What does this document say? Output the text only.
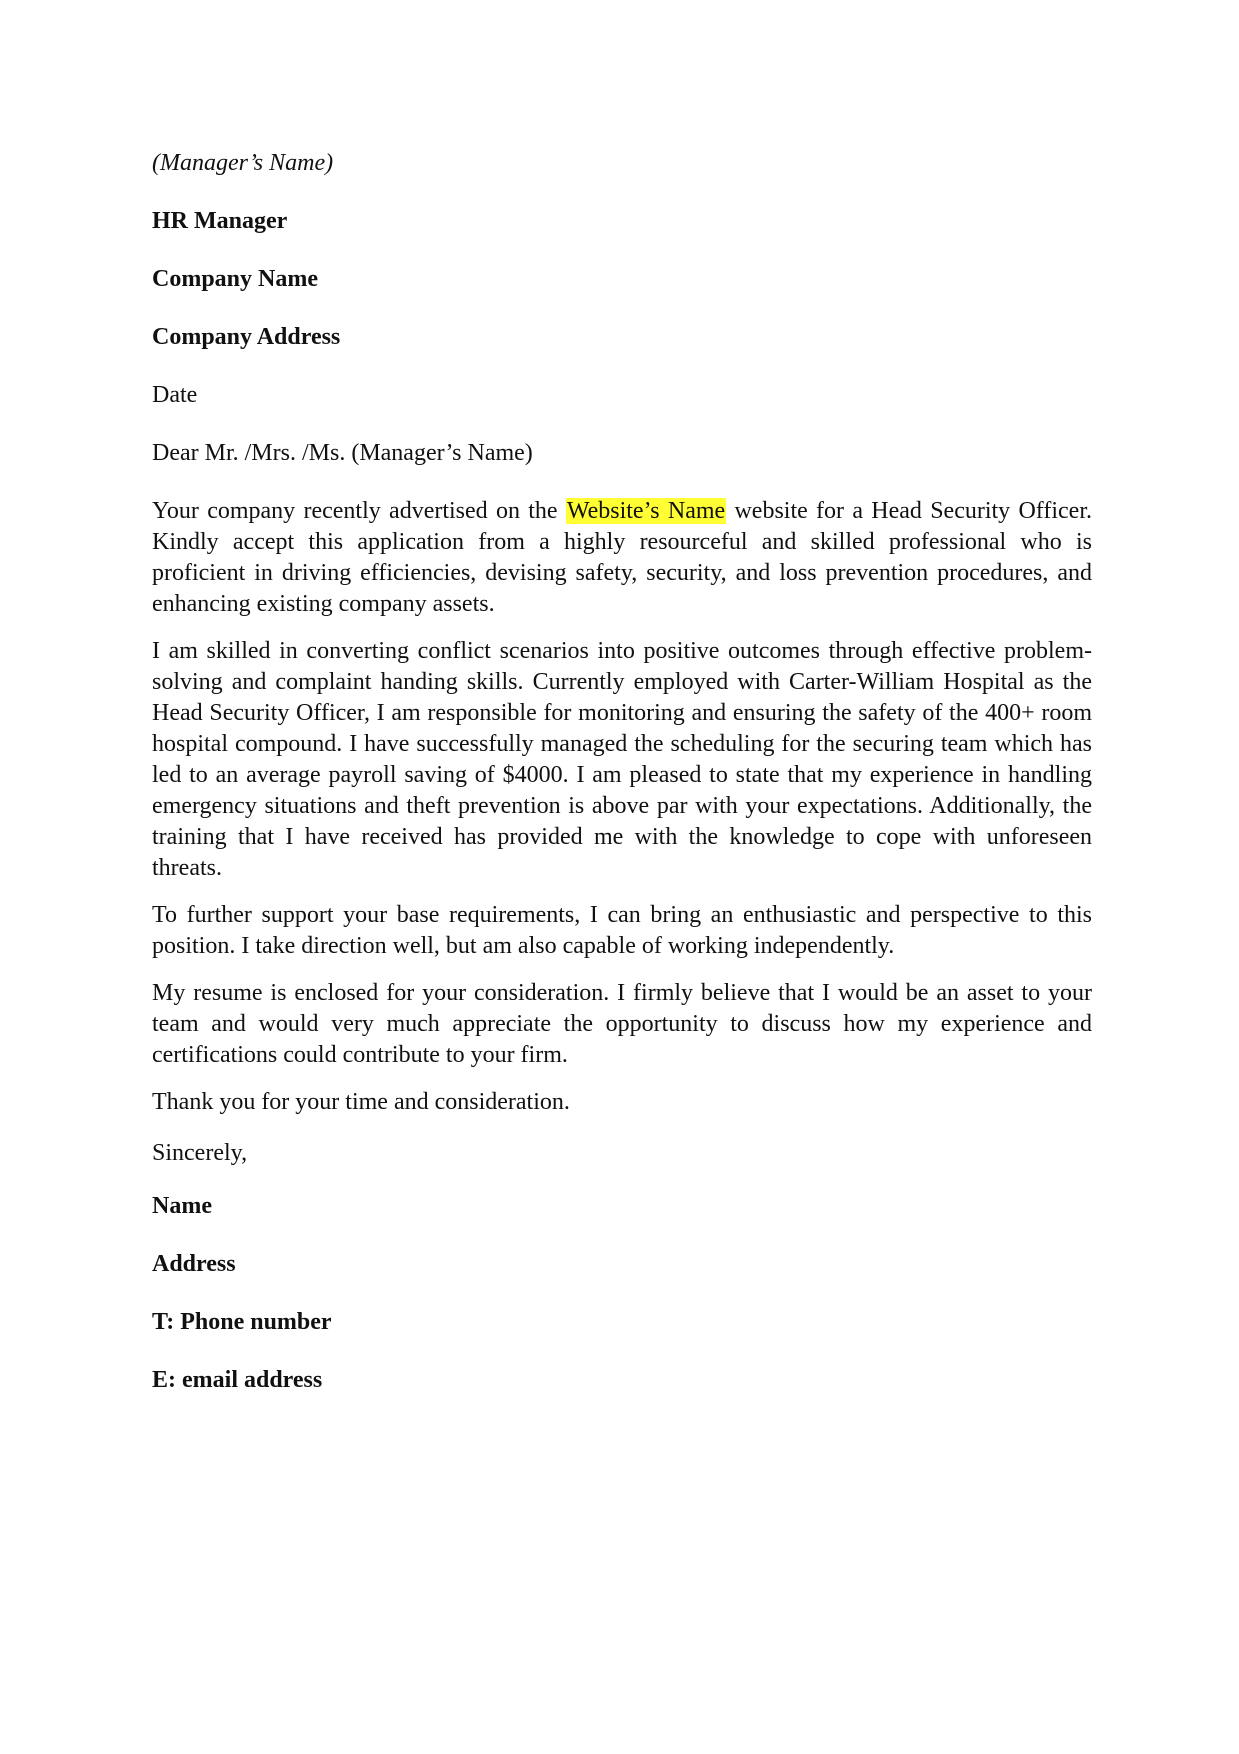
(Manager’s Name)
HR Manager
Company Name
Company Address
Date
Dear Mr. /Mrs. /Ms. (Manager’s Name)

Your company recently advertised on the Website’s Name website for a Head Security Officer. Kindly accept this application from a highly resourceful and skilled professional who is proficient in driving efficiencies, devising safety, security, and loss prevention procedures, and enhancing existing company assets.

I am skilled in converting conflict scenarios into positive outcomes through effective problem-solving and complaint handing skills. Currently employed with Carter-William Hospital as the Head Security Officer, I am responsible for monitoring and ensuring the safety of the 400+ room hospital compound. I have successfully managed the scheduling for the securing team which has led to an average payroll saving of $4000. I am pleased to state that my experience in handling emergency situations and theft prevention is above par with your expectations. Additionally, the training that I have received has provided me with the knowledge to cope with unforeseen threats.

To further support your base requirements, I can bring an enthusiastic and perspective to this position. I take direction well, but am also capable of working independently.

My resume is enclosed for your consideration. I firmly believe that I would be an asset to your team and would very much appreciate the opportunity to discuss how my experience and certifications could contribute to your firm.

Thank you for your time and consideration.
Sincerely,
Name
Address
T: Phone number
E: email address
